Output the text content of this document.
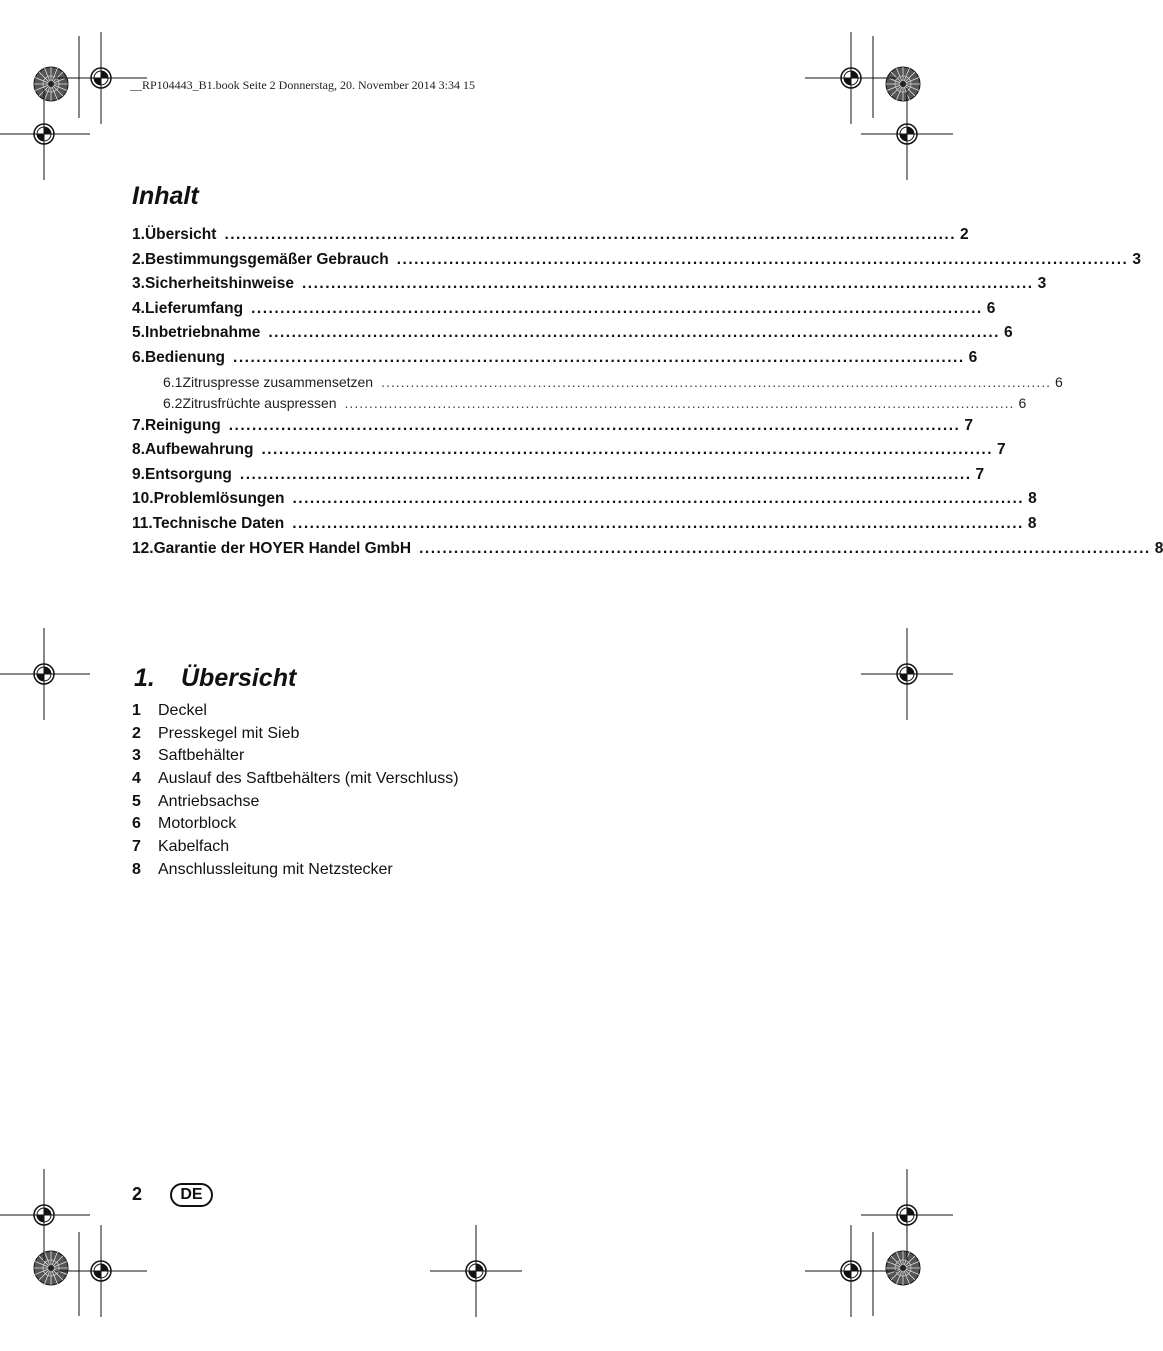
__RP104443_B1.book Seite 2 Donnerstag, 20. November 2014 3:34 15
Inhalt
1. Übersicht .............................................................................................................................. 2
2. Bestimmungsgemäßer Gebrauch .............................................................................................................................. 3
3. Sicherheitshinweise .............................................................................................................................. 3
4. Lieferumfang .............................................................................................................................. 6
5. Inbetriebnahme .............................................................................................................................. 6
6. Bedienung .............................................................................................................................. 6
6.1 Zitruspresse zusammensetzen ......................................................................................................................................... 6
6.2 Zitrusfrüchte auspressen ......................................................................................................................................... 6
7. Reinigung .............................................................................................................................. 7
8. Aufbewahrung .............................................................................................................................. 7
9. Entsorgung .............................................................................................................................. 7
10. Problemlösungen .............................................................................................................................. 8
11. Technische Daten .............................................................................................................................. 8
12. Garantie der HOYER Handel GmbH .............................................................................................................................. 8
1. Übersicht
1 Deckel
2 Presskegel mit Sieb
3 Saftbehälter
4 Auslauf des Saftbehälters (mit Verschluss)
5 Antriebsachse
6 Motorblock
7 Kabelfach
8 Anschlussleitung mit Netzstecker
2	DE
